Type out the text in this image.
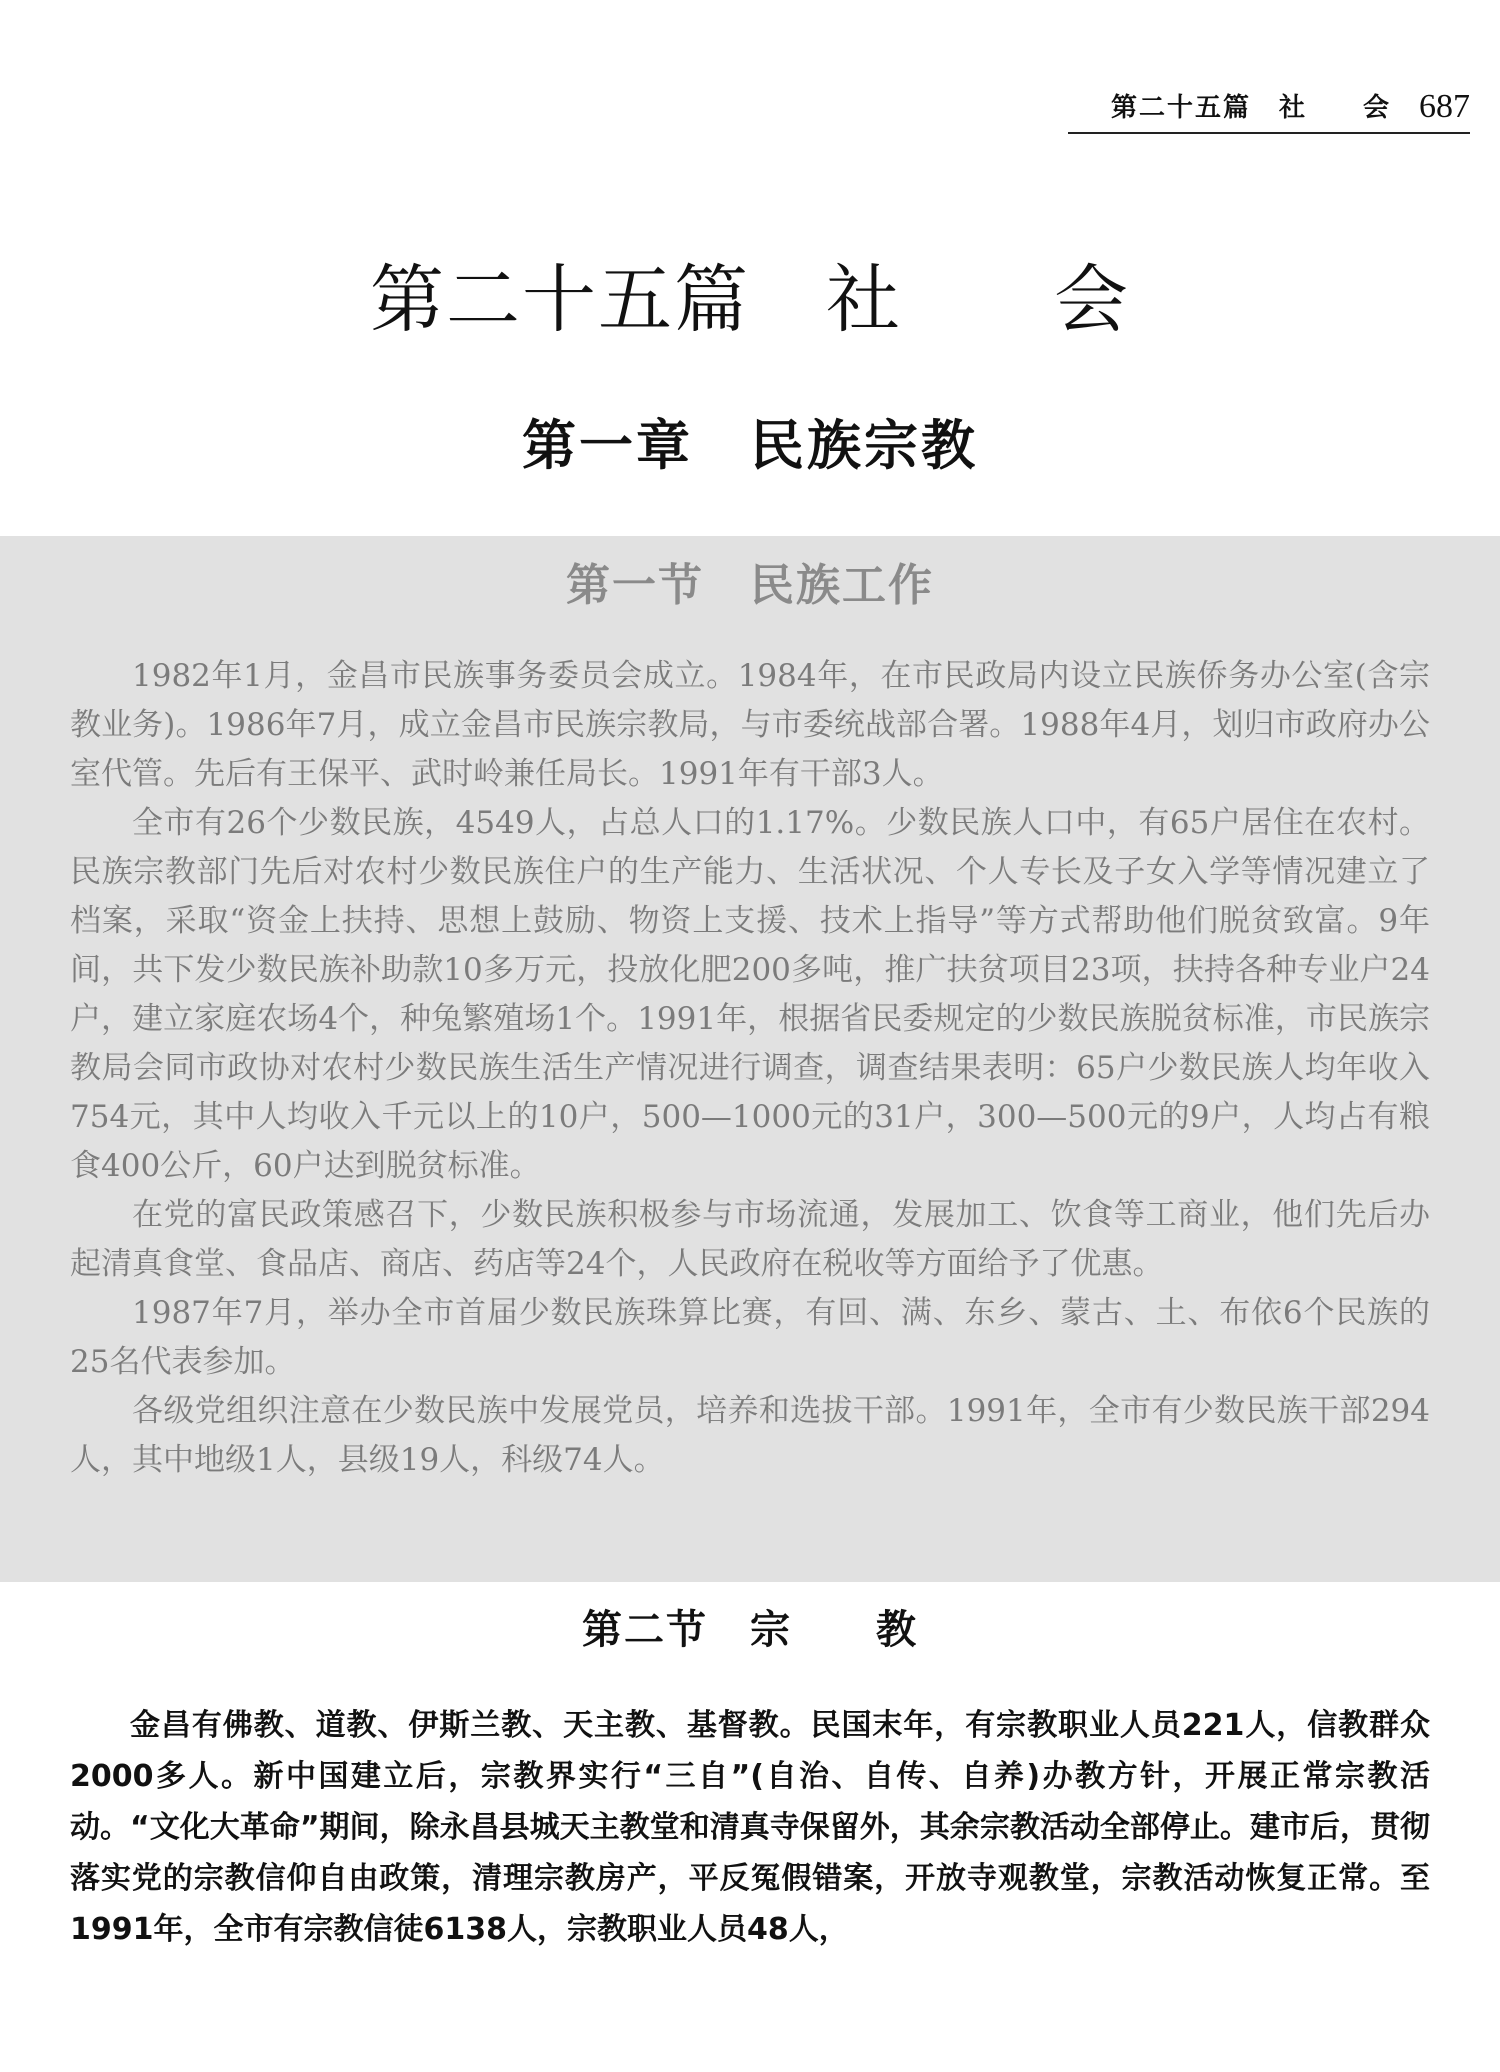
第二十五篇　社　　会 687
第二十五篇　社　　会
第一章　民族宗教
第一节　民族工作

1982年1月，金昌市民族事务委员会成立。1984年，在市民政局内设立民族侨务办公室(含宗教业务)。1986年7月，成立金昌市民族宗教局，与市委统战部合署。1988年4月，划归市政府办公室代管。先后有王保平、武时岭兼任局长。1991年有干部3人。

全市有26个少数民族，4549人，占总人口的1.17%。少数民族人口中，有65户居住在农村。民族宗教部门先后对农村少数民族住户的生产能力、生活状况、个人专长及子女入学等情况建立了档案，采取“资金上扶持、思想上鼓励、物资上支援、技术上指导”等方式帮助他们脱贫致富。9年间，共下发少数民族补助款10多万元，投放化肥200多吨，推广扶贫项目23项，扶持各种专业户24户，建立家庭农场4个，种兔繁殖场1个。1991年，根据省民委规定的少数民族脱贫标准，市民族宗教局会同市政协对农村少数民族生活生产情况进行调查，调查结果表明：65户少数民族人均年收入754元，其中人均收入千元以上的10户，500—1000元的31户，300—500元的9户，人均占有粮食400公斤，60户达到脱贫标准。

在党的富民政策感召下，少数民族积极参与市场流通，发展加工、饮食等工商业，他们先后办起清真食堂、食品店、商店、药店等24个，人民政府在税收等方面给予了优惠。

1987年7月，举办全市首届少数民族珠算比赛，有回、满、东乡、蒙古、土、布依6个民族的25名代表参加。

各级党组织注意在少数民族中发展党员，培养和选拔干部。1991年，全市有少数民族干部294人，其中地级1人，县级19人，科级74人。

第二节　宗　　教

金昌有佛教、道教、伊斯兰教、天主教、基督教。民国末年，有宗教职业人员221人，信教群众2000多人。新中国建立后，宗教界实行“三自”(自治、自传、自养)办教方针，开展正常宗教活动。“文化大革命”期间，除永昌县城天主教堂和清真寺保留外，其余宗教活动全部停止。建市后，贯彻落实党的宗教信仰自由政策，清理宗教房产，平反冤假错案，开放寺观教堂，宗教活动恢复正常。至1991年，全市有宗教信徒6138人，宗教职业人员48人，
